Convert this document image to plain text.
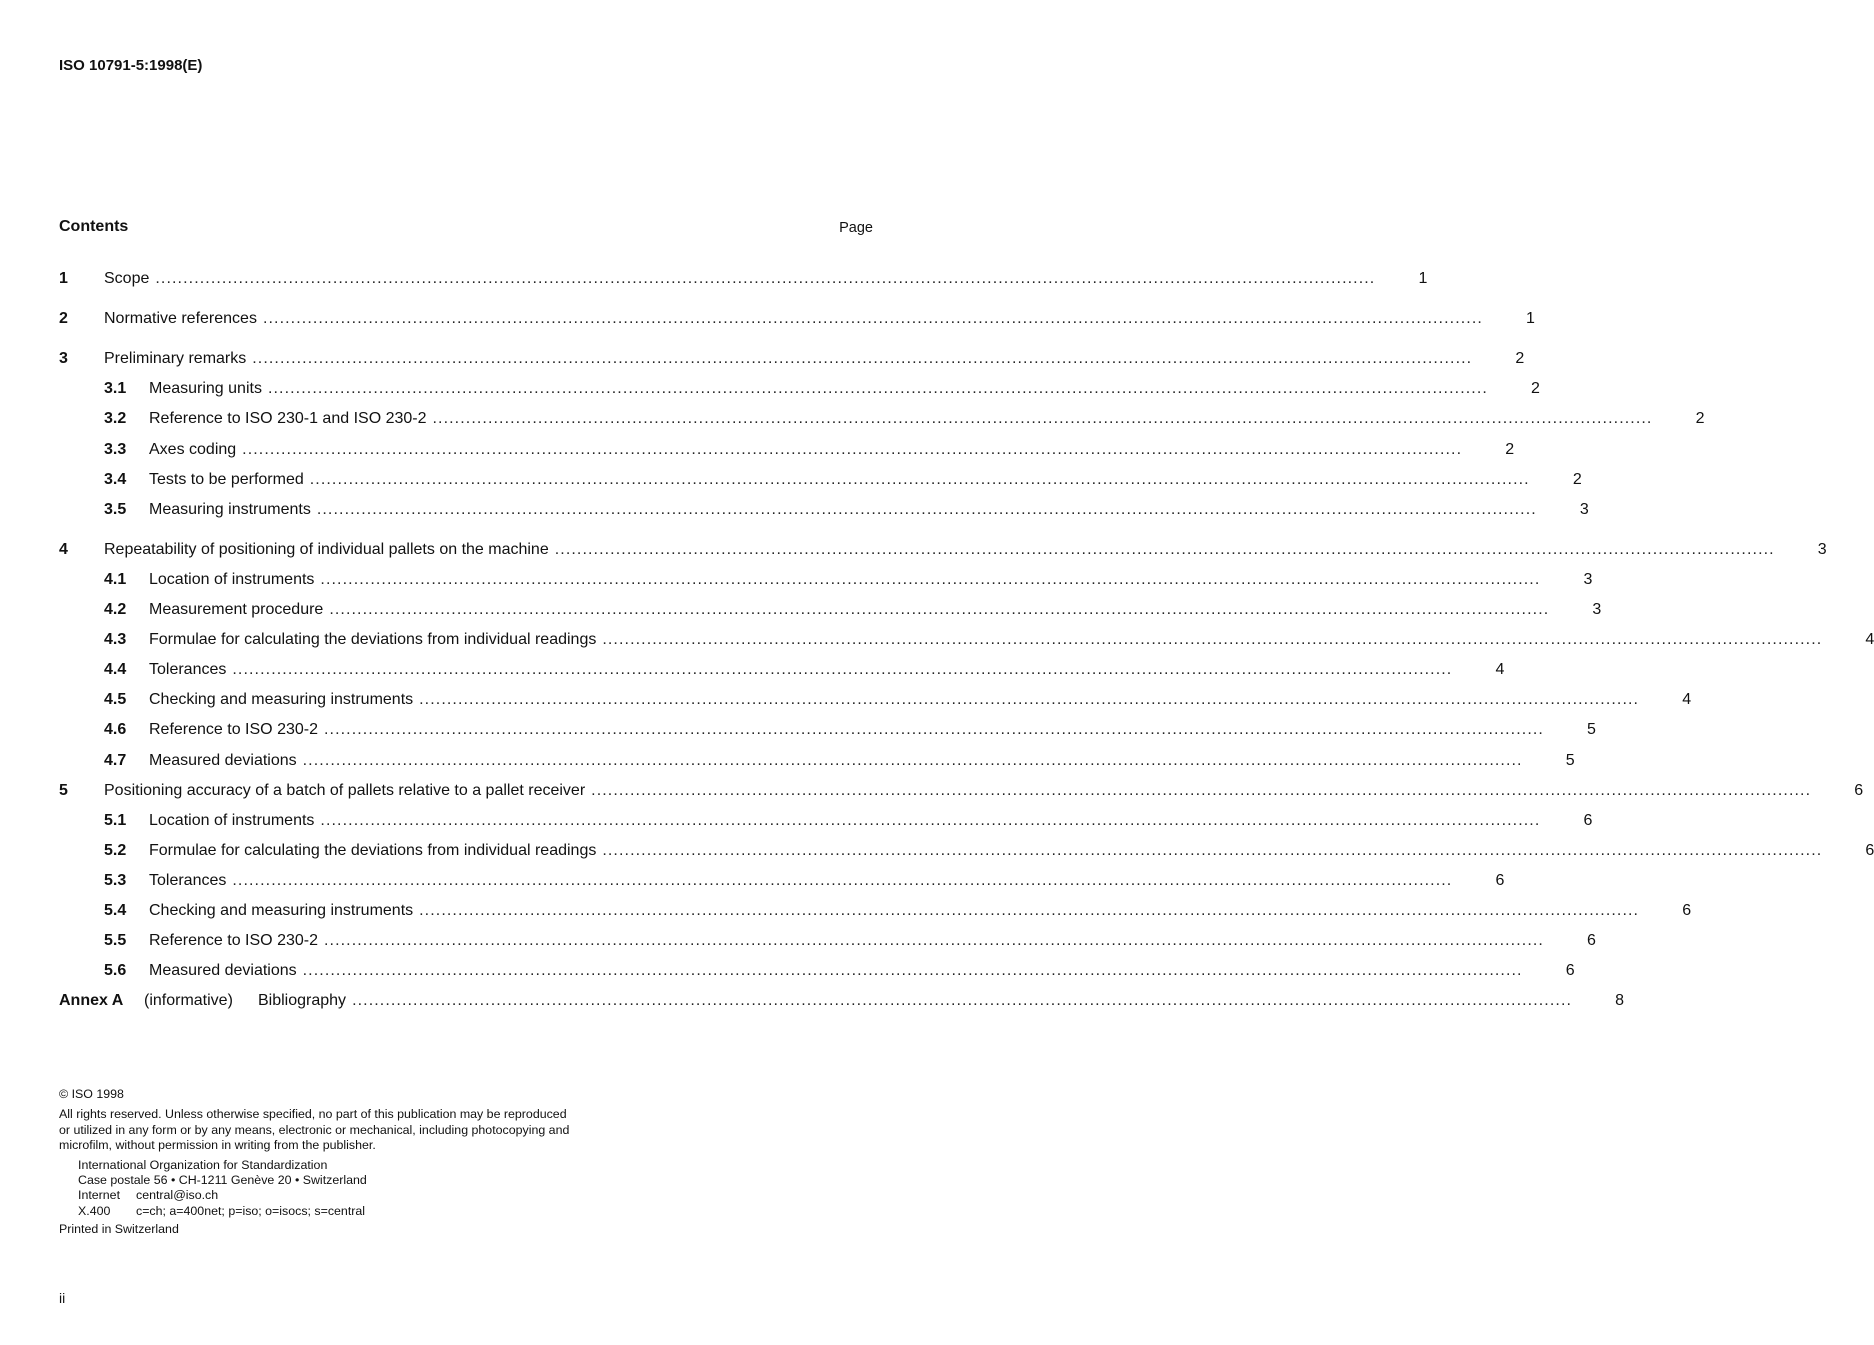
ISO 10791-5:1998(E)
Contents	Page
1	Scope ............................................................................................................................................................................................................................	1
2	Normative references ............................................................................................................................................................................................................................	1
3	Preliminary remarks ............................................................................................................................................................................................................................	2
3.1	Measuring units ............................................................................................................................................................................................................................	2
3.2	Reference to ISO 230-1 and ISO 230-2 ............................................................................................................................................................................................................................	2
3.3	Axes coding ............................................................................................................................................................................................................................	2
3.4	Tests to be performed ............................................................................................................................................................................................................................	2
3.5	Measuring instruments ............................................................................................................................................................................................................................	3
4	Repeatability of positioning of individual pallets on the machine ............................................................................................................................................................................................................................	3
4.1	Location of instruments ............................................................................................................................................................................................................................	3
4.2	Measurement procedure ............................................................................................................................................................................................................................	3
4.3	Formulae for calculating the deviations from individual readings ............................................................................................................................................................................................................................	4
4.4	Tolerances ............................................................................................................................................................................................................................	4
4.5	Checking and measuring instruments ............................................................................................................................................................................................................................	4
4.6	Reference to ISO 230-2 ............................................................................................................................................................................................................................	5
4.7	Measured deviations ............................................................................................................................................................................................................................	5
5	Positioning accuracy of a batch of pallets relative to a pallet receiver ............................................................................................................................................................................................................................	6
5.1	Location of instruments ............................................................................................................................................................................................................................	6
5.2	Formulae for calculating the deviations from individual readings ............................................................................................................................................................................................................................	6
5.3	Tolerances ............................................................................................................................................................................................................................	6
5.4	Checking and measuring instruments ............................................................................................................................................................................................................................	6
5.5	Reference to ISO 230-2 ............................................................................................................................................................................................................................	6
5.6	Measured deviations ............................................................................................................................................................................................................................	6
Annex A	(informative)	Bibliography ............................................................................................................................................................................................................................	8
© ISO 1998
All rights reserved. Unless otherwise specified, no part of this publication may be reproduced
or utilized in any form or by any means, electronic or mechanical, including photocopying and
microfilm, without permission in writing from the publisher.
International Organization for Standardization
Case postale 56 • CH-1211 Genève 20 • Switzerland
Internet central@iso.ch
X.400 c=ch; a=400net; p=iso; o=isocs; s=central
Printed in Switzerland
ii
